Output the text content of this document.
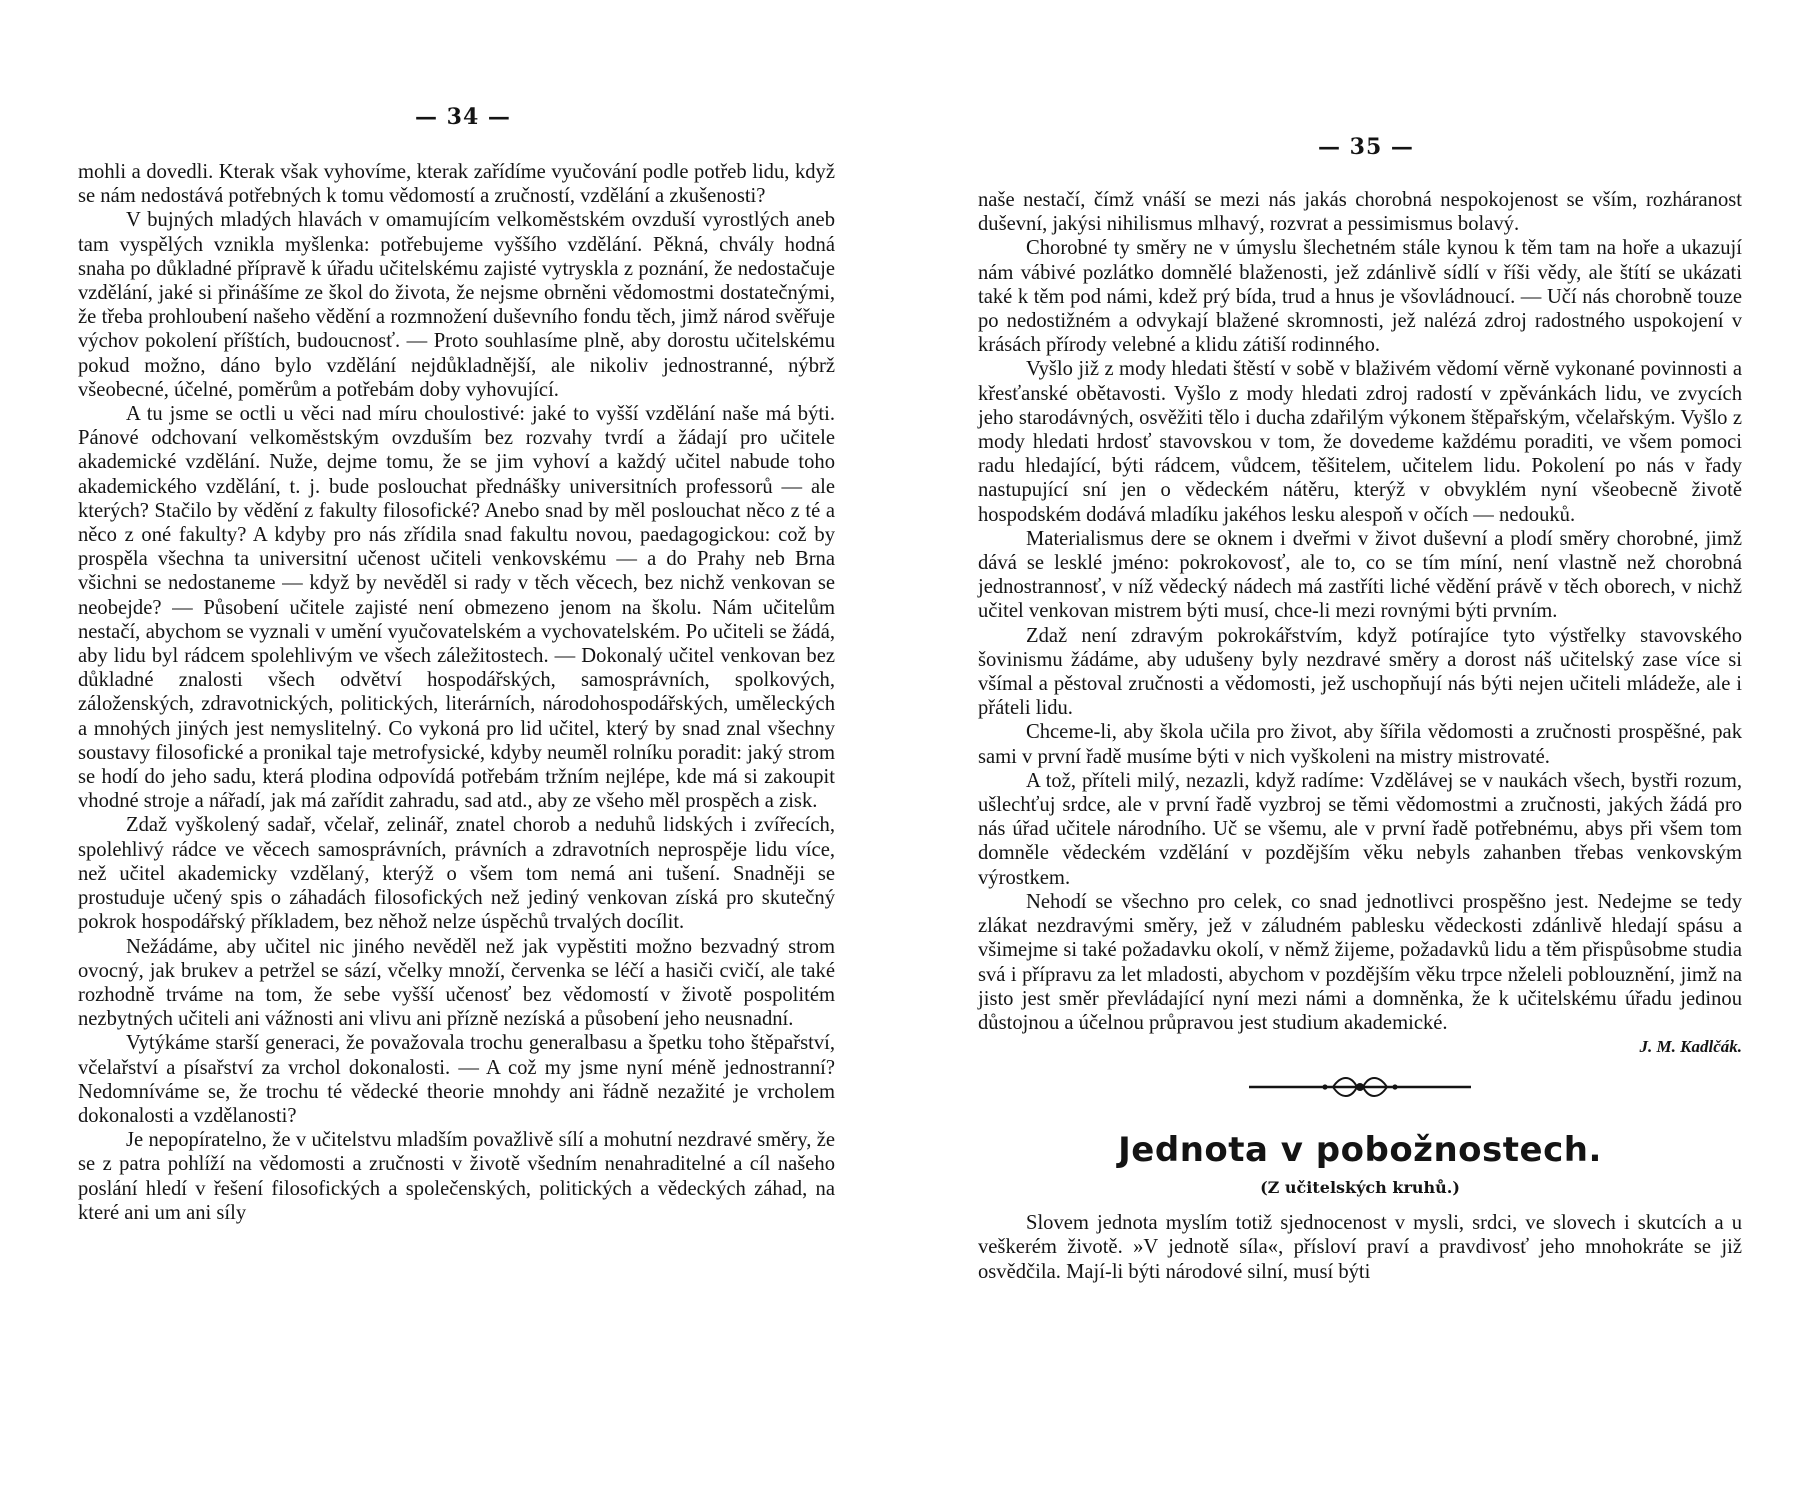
— 34 —

mohli a dovedli. Kterak však vyhovíme, kterak zařídíme vyučování podle potřeb lidu, když se nám nedostává potřebných k tomu vědomostí a zručností, vzdělání a zkušenosti?

V bujných mladých hlavách v omamujícím velkoměstském ovzduší vyrostlých aneb tam vyspělých vznikla myšlenka: potřebujeme vyššího vzdělání. Pěkná, chvály hodná snaha po důkladné přípravě k úřadu učitelskému zajisté vytryskla z poznání, že nedostačuje vzdělání, jaké si přinášíme ze škol do života, že nejsme obrněni vědomostmi dostatečnými, že třeba prohloubení našeho vědění a rozmnožení duševního fondu těch, jimž národ svěřuje výchov pokolení příštích, budoucnosť. — Proto souhlasíme plně, aby dorostu učitelskému pokud možno, dáno bylo vzdělání nejdůkladnější, ale nikoliv jednostranné, nýbrž všeobecné, účelné, poměrům a potřebám doby vyhovující.

A tu jsme se octli u věci nad míru choulostivé: jaké to vyšší vzdělání naše má býti. Pánové odchovaní velkoměstským ovzduším bez rozvahy tvrdí a žádají pro učitele akademické vzdělání. Nuže, dejme tomu, že se jim vyhoví a každý učitel nabude toho akademického vzdělání, t. j. bude poslouchat přednášky universitních professorů — ale kterých? Stačilo by vědění z fakulty filosofické? Anebo snad by měl poslouchat něco z té a něco z oné fakulty? A kdyby pro nás zřídila snad fakultu novou, paedagogickou: což by prospěla všechna ta universitní učenost učiteli venkovskému — a do Prahy neb Brna všichni se nedostaneme — když by nevěděl si rady v těch věcech, bez nichž venkovan se neobejde? — Působení učitele zajisté není obmezeno jenom na školu. Nám učitelům nestačí, abychom se vyznali v umění vyučovatelském a vychovatelském. Po učiteli se žádá, aby lidu byl rádcem spolehlivým ve všech záležitostech. — Dokonalý učitel venkovan bez důkladné znalosti všech odvětví hospodářských, samosprávních, spolkových, záloženských, zdravotnických, politických, literárních, národohospodářských, uměleckých a mnohých jiných jest nemyslitelný. Co vykoná pro lid učitel, který by snad znal všechny soustavy filosofické a pronikal taje metrofysické, kdyby neuměl rolníku poradit: jaký strom se hodí do jeho sadu, která plodina odpovídá potřebám tržním nejlépe, kde má si zakoupit vhodné stroje a nářadí, jak má zařídit zahradu, sad atd., aby ze všeho měl prospěch a zisk.

Zdaž vyškolený sadař, včelař, zelinář, znatel chorob a neduhů lidských i zvířecích, spolehlivý rádce ve věcech samosprávních, právních a zdravotních neprospěje lidu více, než učitel akademicky vzdělaný, kterýž o všem tom nemá ani tušení. Snadněji se prostuduje učený spis o záhadách filosofických než jediný venkovan získá pro skutečný pokrok hospodářský příkladem, bez něhož nelze úspěchů trvalých docílit.

Nežádáme, aby učitel nic jiného nevěděl než jak vypěstiti možno bezvadný strom ovocný, jak brukev a petržel se sází, včelky množí, červenka se léčí a hasiči cvičí, ale také rozhodně trváme na tom, že sebe vyšší učenosť bez vědomostí v životě pospolitém nezbytných učiteli ani vážnosti ani vlivu ani přízně nezíská a působení jeho neusnadní.

Vytýkáme starší generaci, že považovala trochu generalbasu a špetku toho štěpařství, včelařství a písařství za vrchol dokonalosti. — A což my jsme nyní méně jednostranní? Nedomníváme se, že trochu té vědecké theorie mnohdy ani řádně nezažité je vrcholem dokonalosti a vzdělanosti?

Je nepopíratelno, že v učitelstvu mladším považlivě sílí a mohutní nezdravé směry, že se z patra pohlíží na vědomosti a zručnosti v životě všedním nenahraditelné a cíl našeho poslání hledí v řešení filosofických a společenských, politických a vědeckých záhad, na které ani um ani síly

— 35 —

naše nestačí, čímž vnáší se mezi nás jakás chorobná nespokojenost se vším, rozháranost duševní, jakýsi nihilismus mlhavý, rozvrat a pessimismus bolavý.

Chorobné ty směry ne v úmyslu šlechetném stále kynou k těm tam na hoře a ukazují nám vábivé pozlátko domnělé blaženosti, jež zdánlivě sídlí v říši vědy, ale štítí se ukázati také k těm pod námi, kdež prý bída, trud a hnus je všovládnoucí. — Učí nás chorobně touze po nedostižném a odvykají blažené skromnosti, jež nalézá zdroj radostného uspokojení v krásách přírody velebné a klidu zátiší rodinného.

Vyšlo již z mody hledati štěstí v sobě v blaživém vědomí věrně vykonané povinnosti a křesťanské obětavosti. Vyšlo z mody hledati zdroj radostí v zpěvánkách lidu, ve zvycích jeho starodávných, osvěžiti tělo i ducha zdařilým výkonem štěpařským, včelařským. Vyšlo z mody hledati hrdosť stavovskou v tom, že dovedeme každému poraditi, ve všem pomoci radu hledající, býti rádcem, vůdcem, těšitelem, učitelem lidu. Pokolení po nás v řady nastupující sní jen o vědeckém nátěru, kterýž v obvyklém nyní všeobecně životě hospodském dodává mladíku jakéhos lesku alespoň v očích — nedouků.

Materialismus dere se oknem i dveřmi v život duševní a plodí směry chorobné, jimž dává se lesklé jméno: pokrokovosť, ale to, co se tím míní, není vlastně než chorobná jednostrannosť, v níž vědecký nádech má zastříti liché vědění právě v těch oborech, v nichž učitel venkovan mistrem býti musí, chce-li mezi rovnými býti prvním.

Zdaž není zdravým pokrokářstvím, když potírajíce tyto výstřelky stavovského šovinismu žádáme, aby udušeny byly nezdravé směry a dorost náš učitelský zase více si všímal a pěstoval zručnosti a vědomosti, jež uschopňují nás býti nejen učiteli mládeže, ale i přáteli lidu.

Chceme-li, aby škola učila pro život, aby šířila vědomosti a zručnosti prospěšné, pak sami v první řadě musíme býti v nich vyškoleni na mistry mistrovaté.

A tož, příteli milý, nezazli, když radíme: Vzdělávej se v naukách všech, bystři rozum, ušlechťuj srdce, ale v první řadě vyzbroj se těmi vědomostmi a zručnosti, jakých žádá pro nás úřad učitele národního. Uč se všemu, ale v první řadě potřebnému, abys při všem tom domněle vědeckém vzdělání v pozdějším věku nebyls zahanben třebas venkovským výrostkem.

Nehodí se všechno pro celek, co snad jednotlivci prospěšno jest. Nedejme se tedy zlákat nezdravými směry, jež v záludném pablesku vědeckosti zdánlivě hledají spásu a všimejme si také požadavku okolí, v němž žijeme, požadavků lidu a těm přispůsobme studia svá i přípravu za let mladosti, abychom v pozdějším věku trpce nželeli poblouznění, jimž na jisto jest směr převládající nyní mezi námi a domněnka, že k učitelskému úřadu jedinou důstojnou a účelnou průpravou jest studium akademické.

J. M. Kadlčák.

Jednota v pobožnostech.
(Z učitelských kruhů.)

Slovem jednota myslím totiž sjednocenost v mysli, srdci, ve slovech i skutcích a u veškerém životě. »V jednotě síla«, přísloví praví a pravdivosť jeho mnohokráte se již osvědčila. Mají-li býti národové silní, musí býti
